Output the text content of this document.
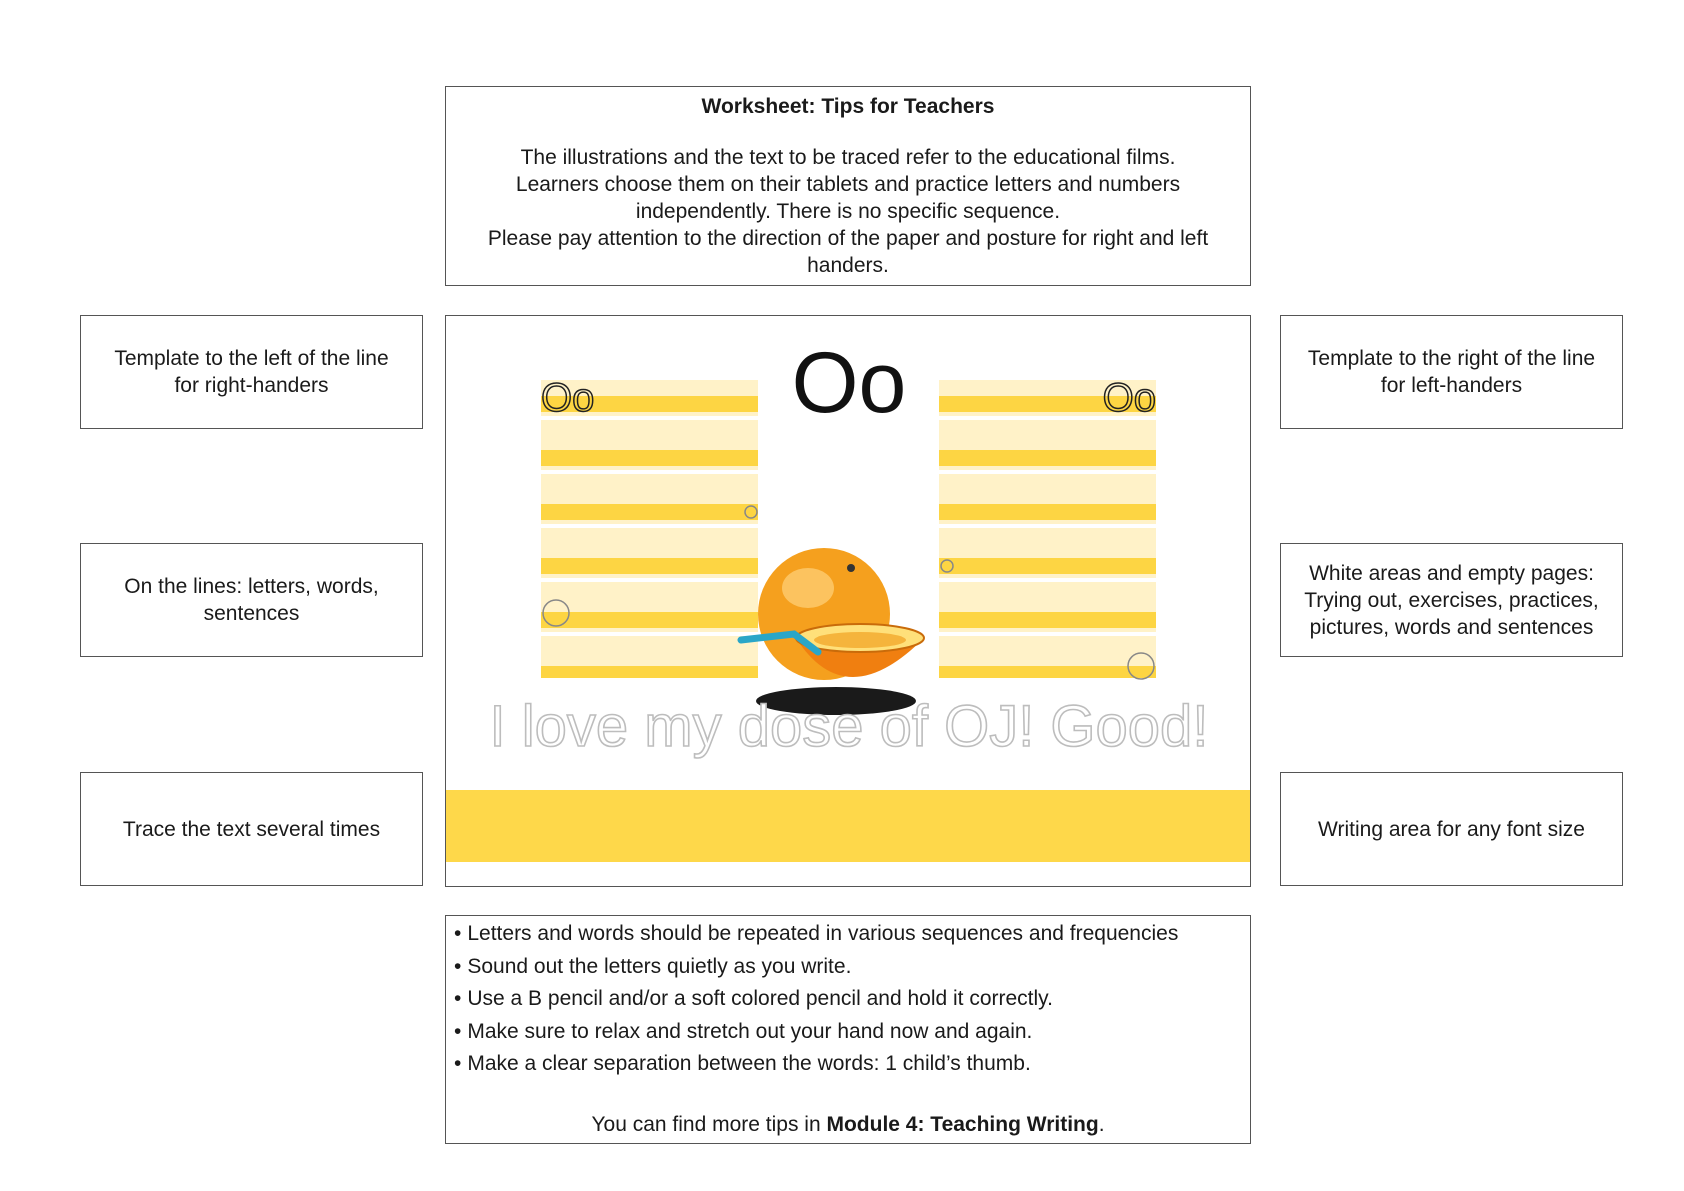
Worksheet: Tips for Teachers
The illustrations and the text to be traced refer to the educational films.
Learners choose them on their tablets and practice letters and numbers
independently. There is no specific sequence.
Please pay attention to the direction of the paper and posture for right and left
handers.
Template to the left of the line
for right-handers
On the lines: letters, words,
sentences
Trace the text several times
Template to the right of the line
for left-handers
White areas and empty pages:
Trying out, exercises, practices,
pictures, words and sentences
Writing area for any font size
Oo	Oo
Oo
I love my dose of OJ! Good!
• Letters and words should be repeated in various sequences and frequencies
• Sound out the letters quietly as you write.
• Use a B pencil and/or a soft colored pencil and hold it correctly.
• Make sure to relax and stretch out your hand now and again.
• Make a clear separation between the words: 1 child’s thumb.
You can find more tips in Module 4: Teaching Writing.
